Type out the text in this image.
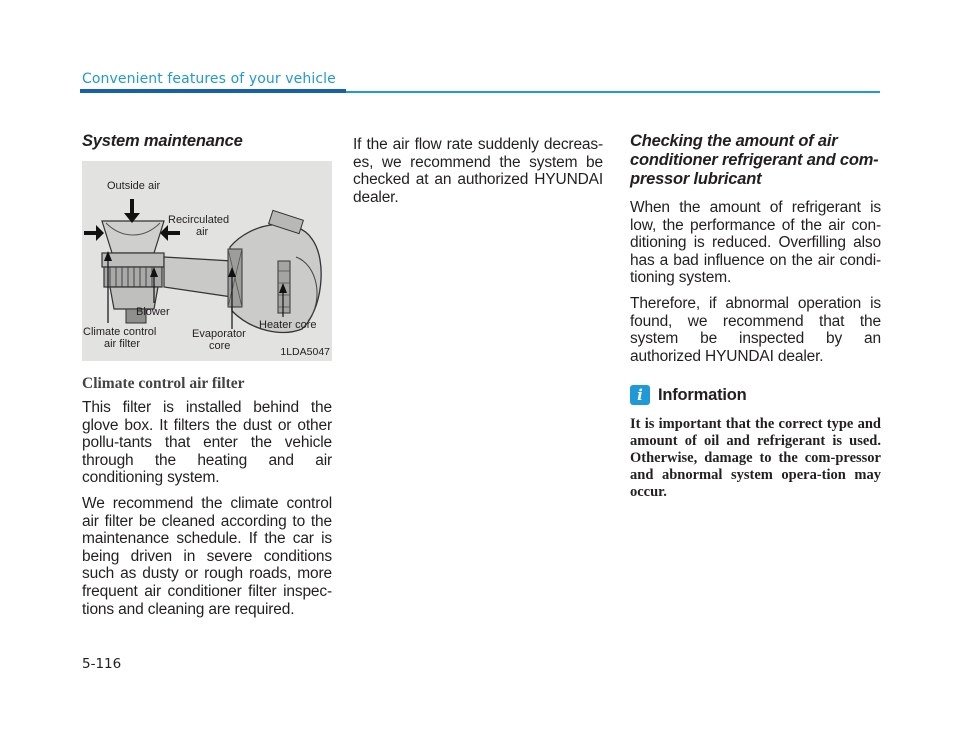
Convenient features of your vehicle
System maintenance
Outside air
Recirculated
air
Blower
Climate control
air filter
Evaporator
core
Heater core
1LDA5047
Climate control air filter

This filter is installed behind the glove box. It filters the dust or other pollu-tants that enter the vehicle through the heating and air conditioning system.

We recommend the climate control air filter be cleaned according to the maintenance schedule. If the car is being driven in severe conditions such as dusty or rough roads, more frequent air conditioner filter inspec-tions and cleaning are required.

If the air flow rate suddenly decreas-es, we recommend the system be checked at an authorized HYUNDAI dealer.

Checking the amount of air conditioner refrigerant and com-pressor lubricant

When the amount of refrigerant is low, the performance of the air con-ditioning is reduced. Overfilling also has a bad influence on the air condi-tioning system.

Therefore, if abnormal operation is found, we recommend that the system be inspected by an authorized HYUNDAI dealer.

i Information

It is important that the correct type and amount of oil and refrigerant is used. Otherwise, damage to the com-pressor and abnormal system opera-tion may occur.

5-116
